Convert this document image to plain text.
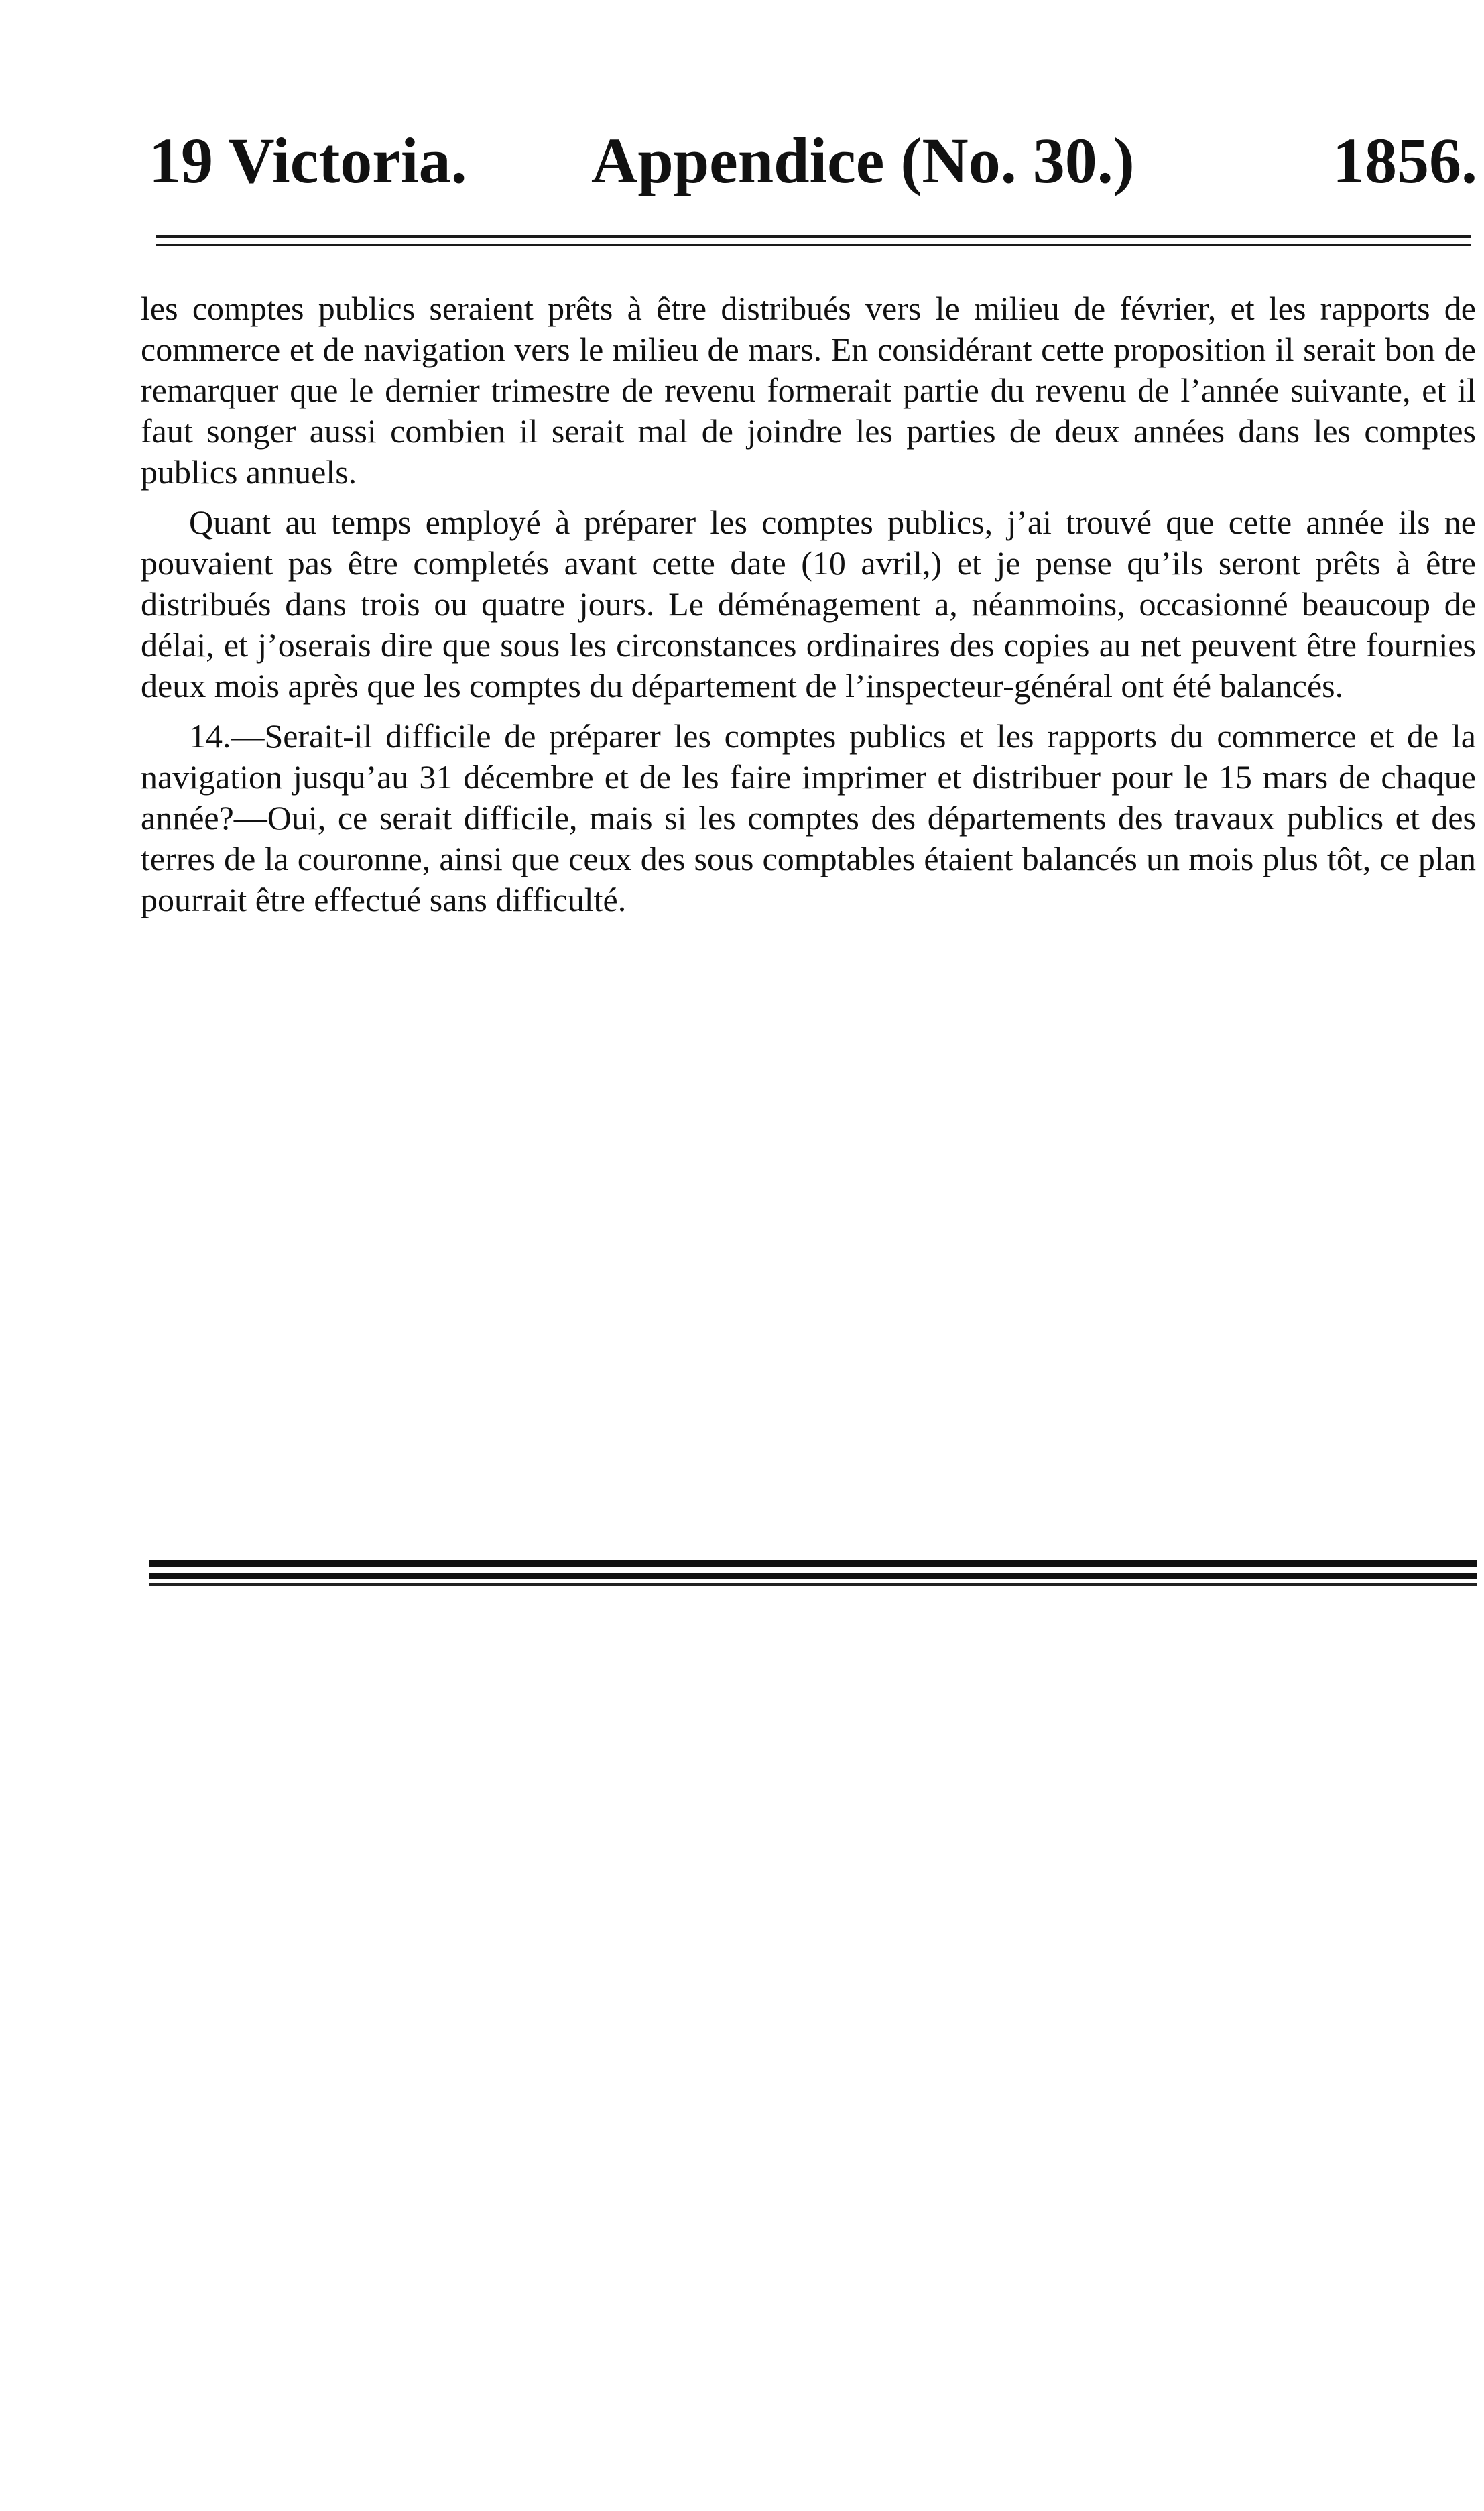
19 Victoria. Appendice (No. 30.)	1856.

les comptes publics seraient prêts à être distribués vers le milieu de février, et les rapports de commerce et de navigation vers le milieu de mars. En considérant cette proposition il serait bon de remarquer que le dernier trimestre de revenu formerait partie du revenu de l’année suivante, et il faut songer aussi combien il serait mal de joindre les parties de deux années dans les comptes publics annuels.

Quant au temps employé à préparer les comptes publics, j’ai trouvé que cette année ils ne pouvaient pas être completés avant cette date (10 avril,) et je pense qu’ils seront prêts à être distribués dans trois ou quatre jours. Le déménagement a, néanmoins, occasionné beaucoup de délai, et j’oserais dire que sous les circonstances ordinaires des copies au net peuvent être fournies deux mois après que les comptes du département de l’inspecteur-général ont été balancés.

14.—Serait-il difficile de préparer les comptes publics et les rapports du commerce et de la navigation jusqu’au 31 décembre et de les faire imprimer et distribuer pour le 15 mars de chaque année?—Oui, ce serait difficile, mais si les comptes des départements des travaux publics et des terres de la couronne, ainsi que ceux des sous comptables étaient balancés un mois plus tôt, ce plan pourrait être effectué sans difficulté.
